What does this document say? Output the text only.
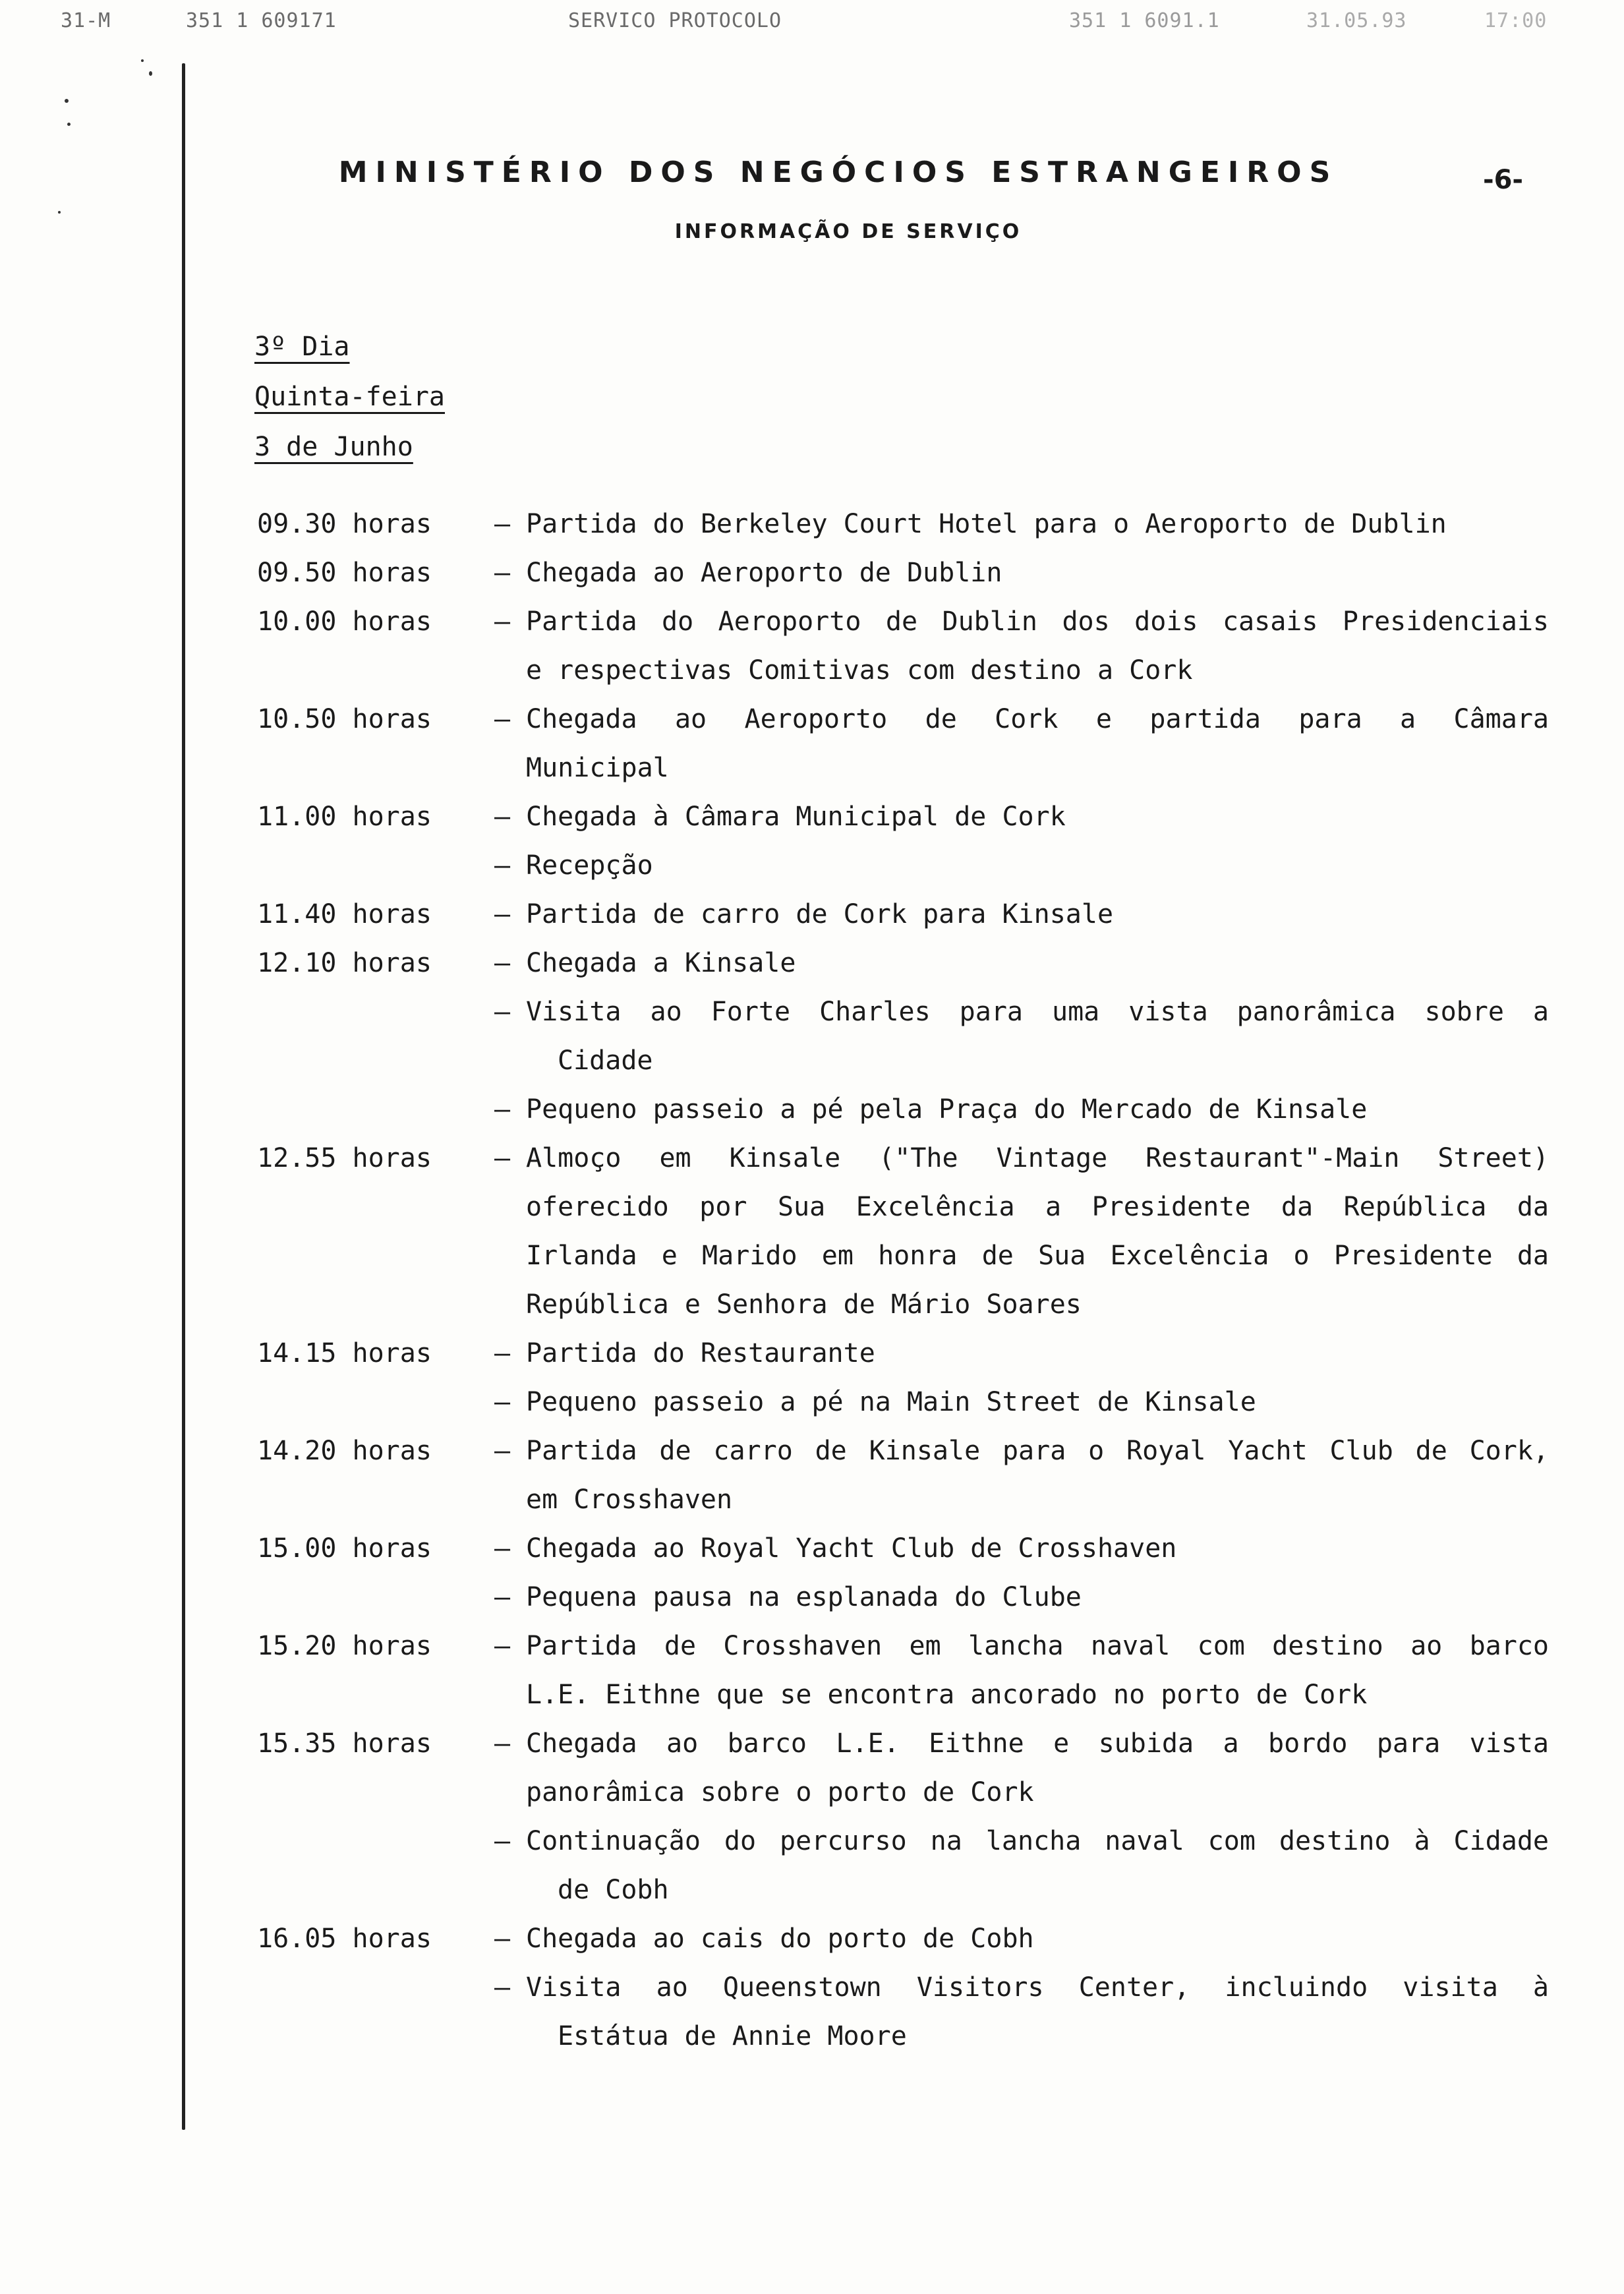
31-M	351 1 609171	SERVICO PROTOCOLO	351 1 6091.1	31.05.93	17:00
MINISTÉRIO DOS NEGÓCIOS ESTRANGEIROS	-6-
INFORMAÇÃO DE SERVIÇO
3º Dia
Quinta-feira
3 de Junho
09.30 horas	– Partida do Berkeley Court Hotel para o Aeroporto de Dublin
09.50 horas	– Chegada ao Aeroporto de Dublin
10.00 horas	– Partida do Aeroporto de Dublin dos dois casais Presidenciais
e respectivas Comitivas com destino a Cork
10.50 horas	– Chegada ao Aeroporto de Cork e partida para a Câmara
Municipal
11.00 horas	– Chegada à Câmara Municipal de Cork
– Recepção
11.40 horas	– Partida de carro de Cork para Kinsale
12.10 horas	– Chegada a Kinsale
– Visita ao Forte Charles para uma vista panorâmica sobre a
Cidade
– Pequeno passeio a pé pela Praça do Mercado de Kinsale
12.55 horas	– Almoço em Kinsale ("The Vintage Restaurant"-Main Street)
oferecido por Sua Excelência a Presidente da República da
Irlanda e Marido em honra de Sua Excelência o Presidente da
República e Senhora de Mário Soares
14.15 horas	– Partida do Restaurante
– Pequeno passeio a pé na Main Street de Kinsale
14.20 horas	– Partida de carro de Kinsale para o Royal Yacht Club de Cork,
em Crosshaven
15.00 horas	– Chegada ao Royal Yacht Club de Crosshaven
– Pequena pausa na esplanada do Clube
15.20 horas	– Partida de Crosshaven em lancha naval com destino ao barco
L.E. Eithne que se encontra ancorado no porto de Cork
15.35 horas	– Chegada ao barco L.E. Eithne e subida a bordo para vista
panorâmica sobre o porto de Cork
– Continuação do percurso na lancha naval com destino à Cidade
de Cobh
16.05 horas	– Chegada ao cais do porto de Cobh
– Visita ao Queenstown Visitors Center, incluindo visita à
Estátua de Annie Moore
